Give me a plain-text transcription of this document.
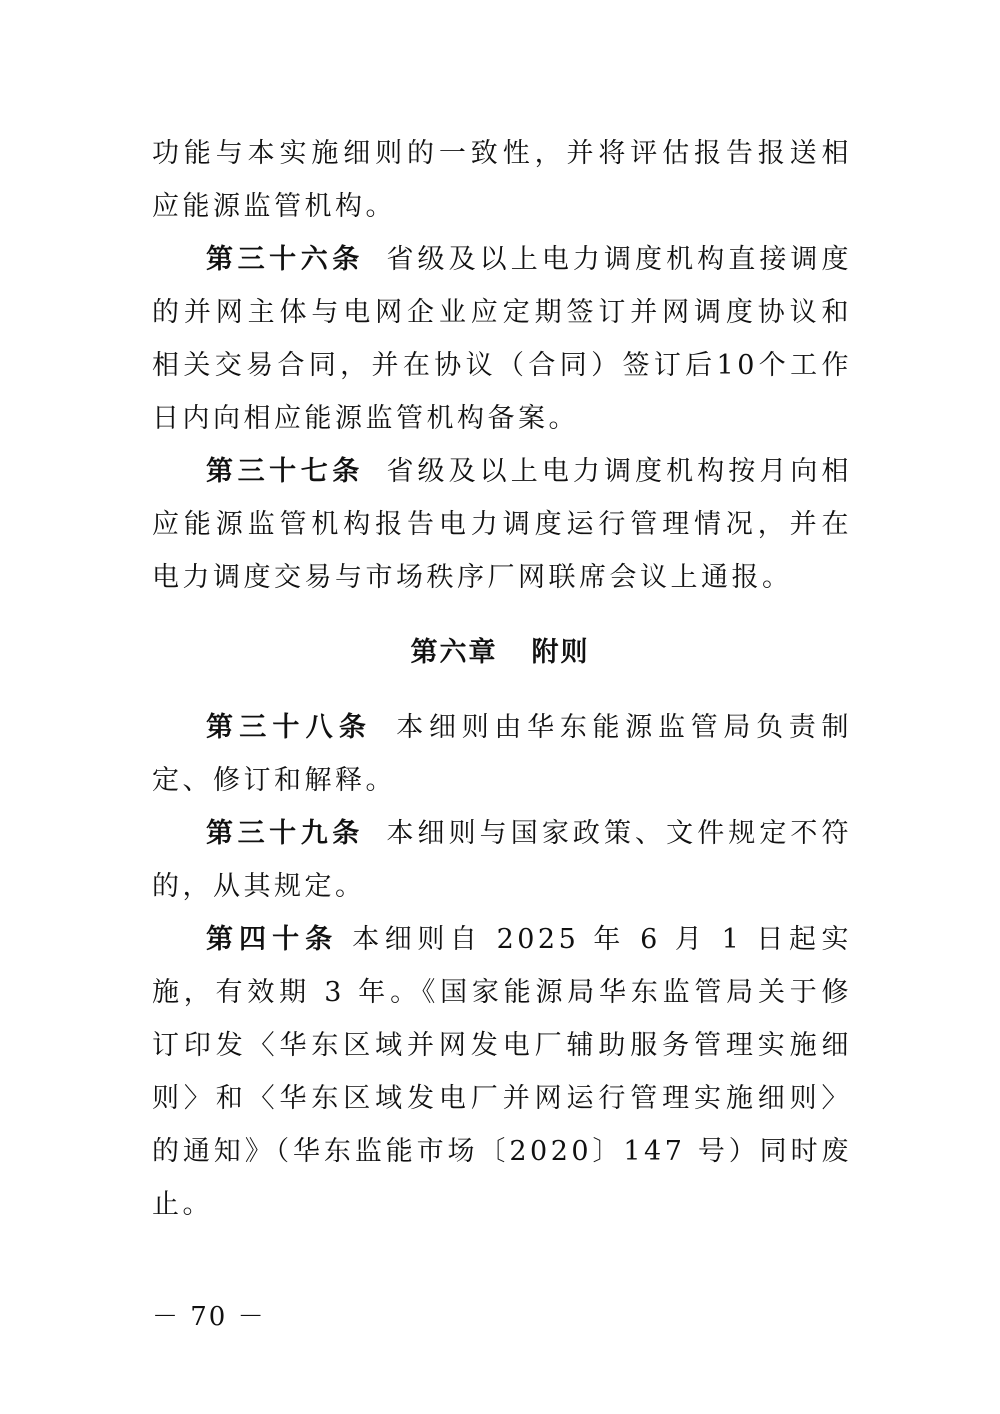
功能与本实施细则的一致性，并将评估报告报送相应能源监管机构。

第三十六条 省级及以上电力调度机构直接调度的并网主体与电网企业应定期签订并网调度协议和相关交易合同，并在协议（合同）签订后10个工作日内向相应能源监管机构备案。

第三十七条 省级及以上电力调度机构按月向相应能源监管机构报告电力调度运行管理情况，并在电力调度交易与市场秩序厂网联席会议上通报。

第六章 附则

第三十八条 本细则由华东能源监管局负责制定、修订和解释。

第三十九条 本细则与国家政策、文件规定不符的，从其规定。

第四十条 本细则自 2025 年 6 月 1 日起实施，有效期 3 年。《国家能源局华东监管局关于修订印发〈华东区域并网发电厂辅助服务管理实施细则〉和〈华东区域发电厂并网运行管理实施细则〉的通知》（华东监能市场〔2020〕147 号）同时废止。

－ 70 －
